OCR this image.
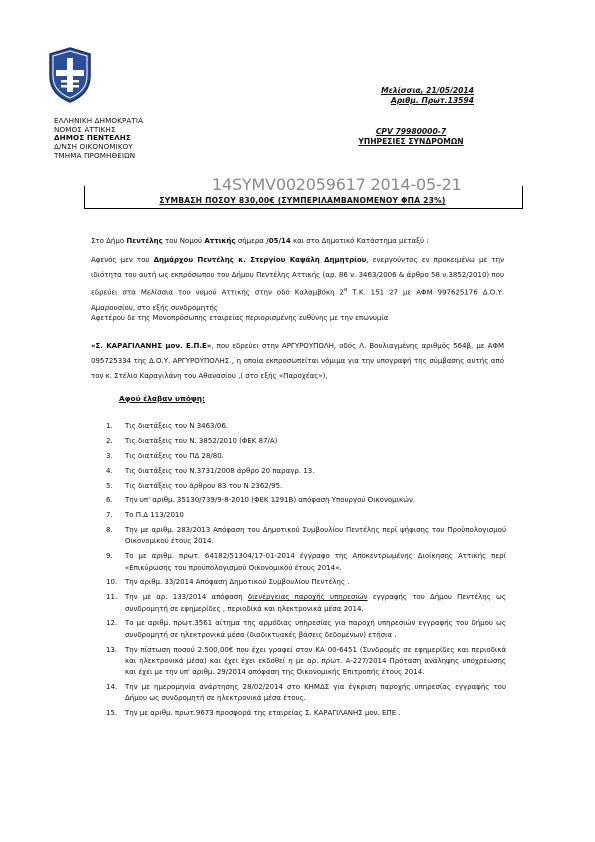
ΕΛΛΗΝΙΚΗ ΔΗΜΟΚΡΑΤΙΑ
ΝΟΜΟΣ ΑΤΤΙΚΗΣ
ΔΗΜΟΣ ΠΕΝΤΕΛΗΣ
Δ/ΝΣΗ ΟΙΚΟΝΟΜΙΚΟΥ
ΤΜΗΜΑ ΠΡΟΜΗΘΕΙΩΝ
Μελίσσια, 21/05/2014
Αριθμ. Πρωτ.13594
CPV 79980000-7
ΥΠΗΡΕΣΙΕΣ ΣΥΝΔΡΟΜΩΝ
14SYMV002059617 2014-05-21
ΣΥΜΒΑΣΗ ΠΟΣΟΥ 830,00€ (ΣΥΜΠΕΡΙΛΑΜΒΑΝΟΜΕΝΟΥ ΦΠΑ 23%)
Στο Δήμο Πεντέλης του Νομού Αττικής σήμερα /05/14 και στο Δημοτικό Κατάστημα μεταξύ :
Αφενός μεν του Δημάρχου Πεντέλης κ. Στεργίου Καψάλη Δημητρίου, ενεργούντος εν προκειμένω με την ιδιότητα του αυτή ως εκπρόσωπου του Δήμου Πεντέλης Αττικής (αρ. 86 ν. 3463/2006 & άρθρο 58 ν.3852/2010) που εδρεύει στα Μελίσσια του νομού Αττικής στην οδό Καλαμβόκη $2^\alpha$ Τ.Κ. 151 27 με ΑΦΜ 997625176 Δ.Ο.Υ. Αμαρουσίου, στο εξής συνδρομητής
Αφετέρου δε της Μονοπρόσωπης εταιρείας περιορισμένης ευθύνης με την επωνυμία
«Σ. ΚΑΡΑΓΙΛΑΝΗΣ μον. Ε.Π.Ε», που εδρεύει στην ΑΡΓΥΡΟΥΠΟΛΗ, οδός Λ. Βουλιαγμένης αριθμός 564β, με ΑΦΜ 095725334 της Δ.Ο.Υ. ΑΡΓΥΡΟΥΠΟΛΗΣ , η οποία εκπροσωπείται νόμιμα για την υπογραφή της σύμβασης αυτής από τον κ. Στέλιο Καραγιλάνη του Αθανασίου ,( στο εξής «Παροχέας»),
Αφού έλαβαν υπόψη:
1. Τις διατάξεις του Ν 3463/06.
2. Τις διατάξεις του Ν. 3852/2010 (ΦΕΚ 87/Α)
3. Τις διατάξεις του ΠΔ 28/80.
4. Τις διατάξεις του Ν.3731/2008 άρθρο 20 παραγρ. 13.
5. Τις διατάξεις του άρθρου 83 του Ν 2362/95.
6. Την υπ' αριθμ. 35130/739/9-8-2010 (ΦΕΚ 1291Β) απόφαση Υπουργού Οικονομικών.
7. Το Π.Δ 113/2010
8. Την με αριθμ. 283/2013 Απόφαση του Δημοτικού Συμβουλίου Πεντέλης περί ψήφισης του Προϋπολογισμού Οικονομικού έτους 2014.
9. Το με αριθμ. πρωτ. 64182/51304/17-01-2014 έγγραφο της Αποκεντρωμένης Διοίκησης Αττικής περί «Επικύρωσης του προϋπολογισμού Οικονομικού έτους 2014».
10. Την αριθμ. 33/2014 Απόφαση Δημοτικού Συμβουλίου Πεντέλης .
11. Την με αρ. 133/2014 απόφαση διενέργειας παροχής υπηρεσιών εγγραφής του Δήμου Πεντέλης ως συνδρομητή σε εφημερίδες , περιοδικά και ηλεκτρονικά μέσα 2014.
12. Το με αριθμ. πρωτ.3561 αίτημα της αρμόδιας υπηρεσίας για παροχή υπηρεσιών εγγραφής του δήμου ως συνδρομητή σε ηλεκτρονικά μέσα (διαδικτυακές βάσεις δεδομένων) ετήσια .
13. Την πίστωση ποσού 2.500,00€ που έχει γραφεί στον ΚΑ 00-6451 (Συνδρομές σε εφημερίδες και περιοδικά και ηλεκτρονικά μέσα) και έχει έχει εκδοθεί η με αρ. πρωτ. Α-227/2014 Πρόταση ανάληψης υποχρέωσης και έχει με την υπ' αριθμ. 29/2014 απόφαση της Οικονομικής Επιτροπής έτους 2014.
14. Την με ημερομηνία ανάρτησης 28/02/2014 στο ΚΗΜΔΣ για έγκριση παροχής υπηρεσίας εγγραφής του Δήμου ως συνδρομητή σε ηλεκτρονικά μέσα έτους.
15. Την με αριθμ. πρωτ.9673 προσφορά της εταιρείας Σ. ΚΑΡΑΓΙΛΑΝΗΣ μον. ΕΠΕ .
